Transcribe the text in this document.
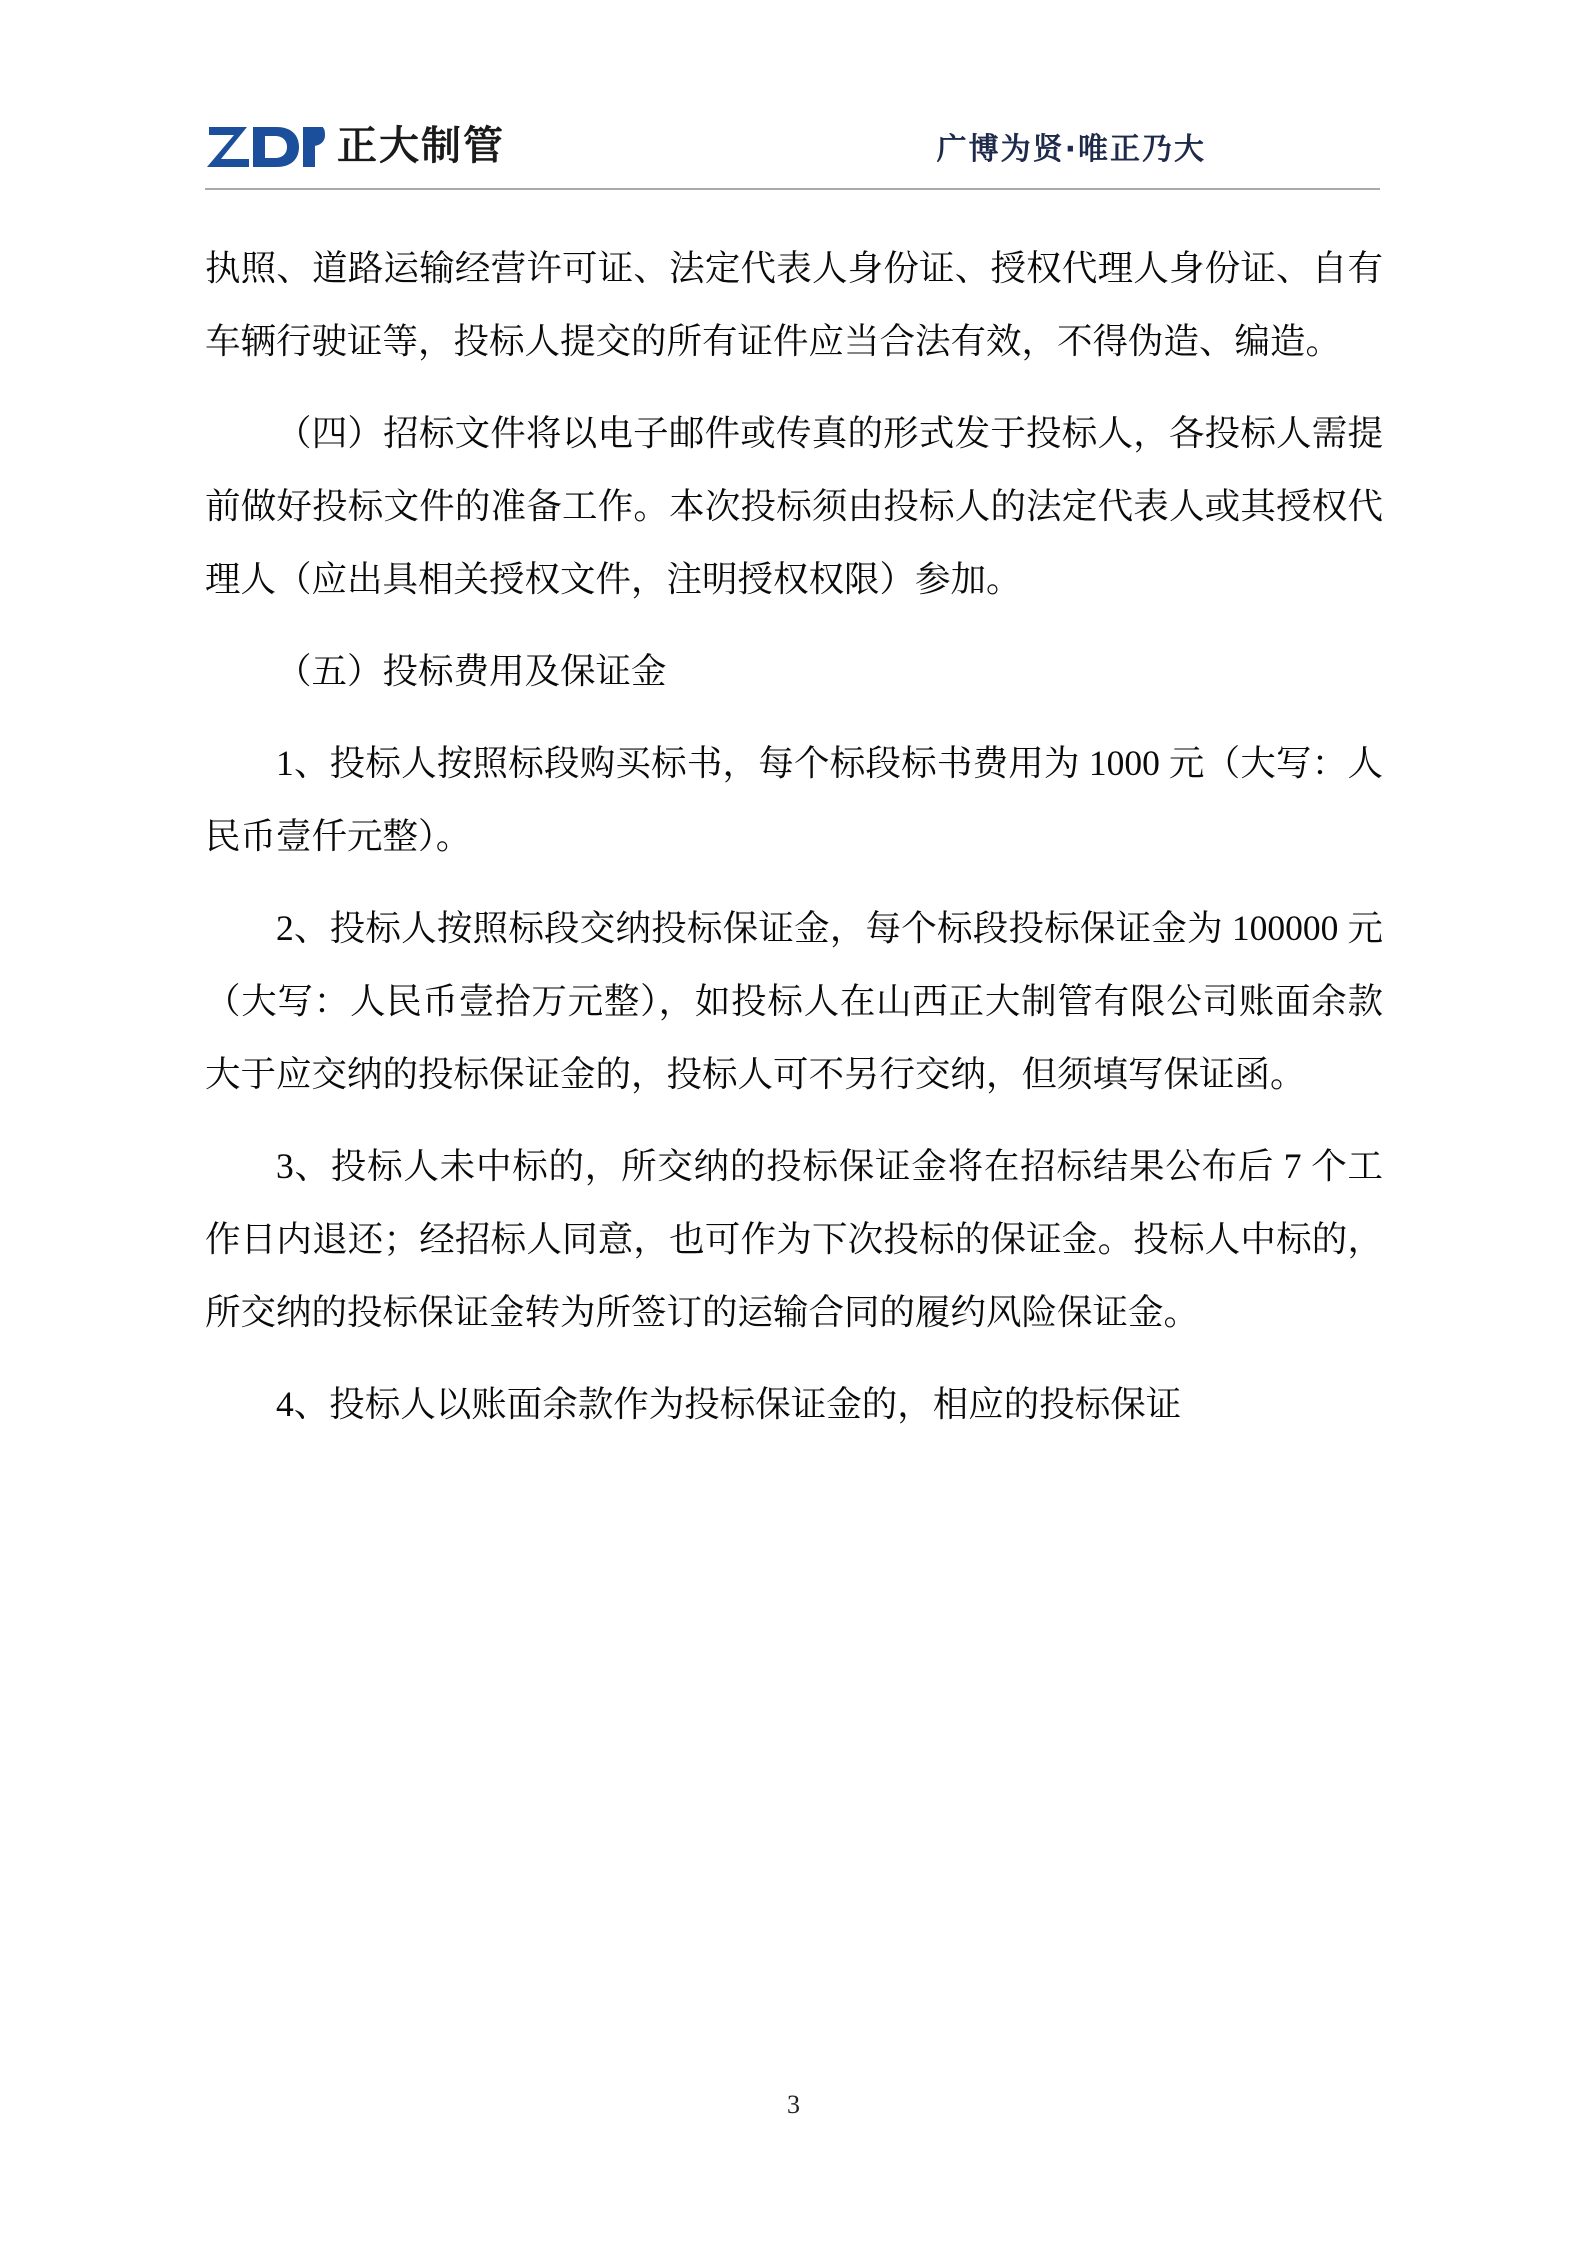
正大制管	广博为贤·唯正乃大

执照、道路运输经营许可证、法定代表人身份证、授权代理人身份证、自有车辆行驶证等，投标人提交的所有证件应当合法有效，不得伪造、编造。

（四）招标文件将以电子邮件或传真的形式发于投标人，各投标人需提前做好投标文件的准备工作。本次投标须由投标人的法定代表人或其授权代理人（应出具相关授权文件，注明授权权限）参加。

（五）投标费用及保证金

1、投标人按照标段购买标书，每个标段标书费用为 1000 元（大写：人民币壹仟元整）。

2、投标人按照标段交纳投标保证金，每个标段投标保证金为 100000 元（大写：人民币壹拾万元整），如投标人在山西正大制管有限公司账面余款大于应交纳的投标保证金的，投标人可不另行交纳，但须填写保证函。

3、投标人未中标的，所交纳的投标保证金将在招标结果公布后 7 个工作日内退还；经招标人同意，也可作为下次投标的保证金。投标人中标的，所交纳的投标保证金转为所签订的运输合同的履约风险保证金。

4、投标人以账面余款作为投标保证金的，相应的投标保证

3
